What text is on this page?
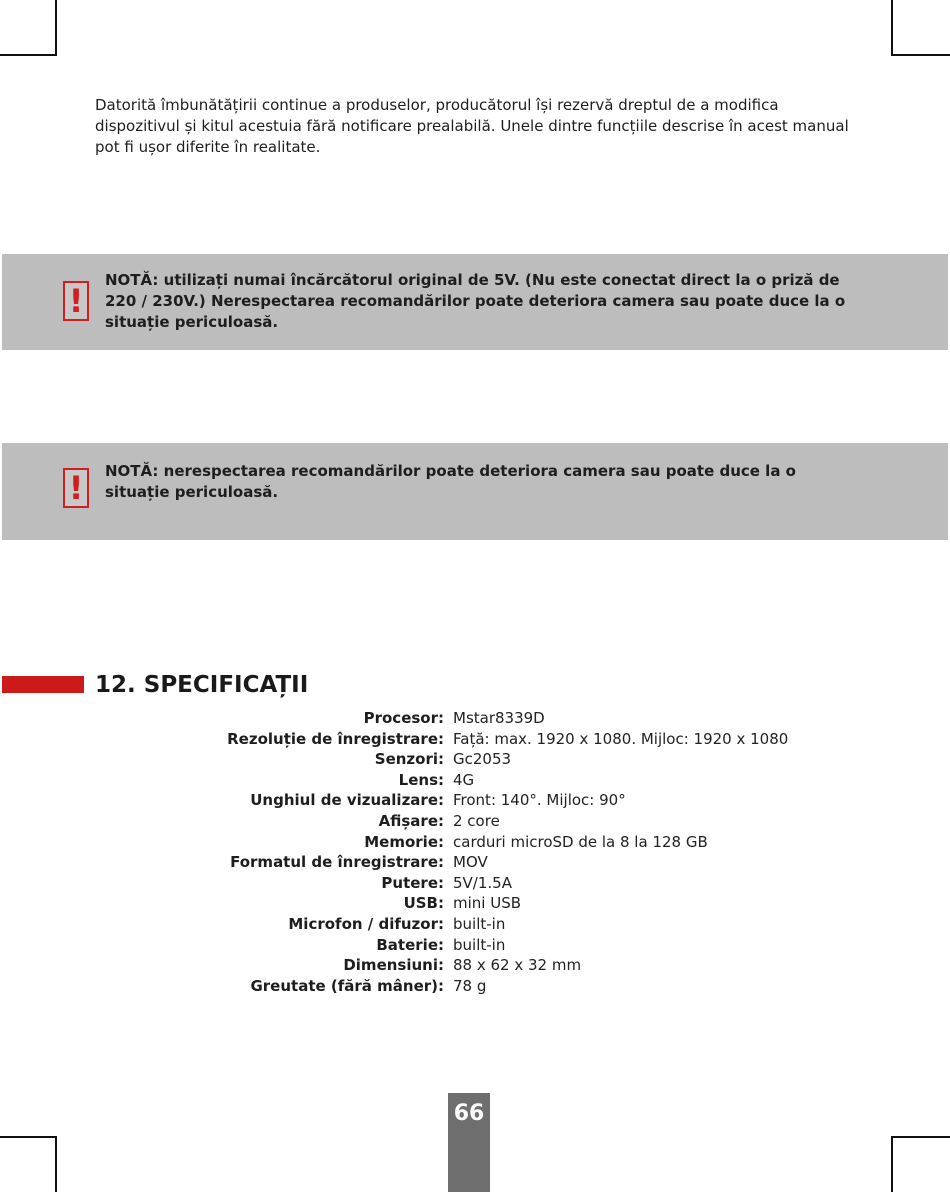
Datorită îmbunătățirii continue a produselor, producătorul își rezervă dreptul de a modifica dispozitivul și kitul acestuia fără notificare prealabilă. Unele dintre funcțiile descrise în acest manual pot fi ușor diferite în realitate.

!
NOTĂ: utilizați numai încărcătorul original de 5V. (Nu este conectat direct la o priză de 220 / 230V.) Nerespectarea recomandărilor poate deteriora camera sau poate duce la o situație periculoasă.
!	NOTĂ: nerespectarea recomandărilor poate deteriora camera sau poate duce la o situație periculoasă.
12. SPECIFICAȚII
Procesor: Mstar8339D
Rezoluție de înregistrare: Față: max. 1920 x 1080. Mijloc: 1920 x 1080
Senzori: Gc2053
Lens: 4G
Unghiul de vizualizare: Front: 140°. Mijloc: 90°
Afișare: 2 core
Memorie: carduri microSD de la 8 la 128 GB
Formatul de înregistrare: MOV
Putere: 5V/1.5A
USB: mini USB
Microfon / difuzor: built-in
Baterie: built-in
Dimensiuni: 88 x 62 x 32 mm
Greutate (fără mâner): 78 g
66
